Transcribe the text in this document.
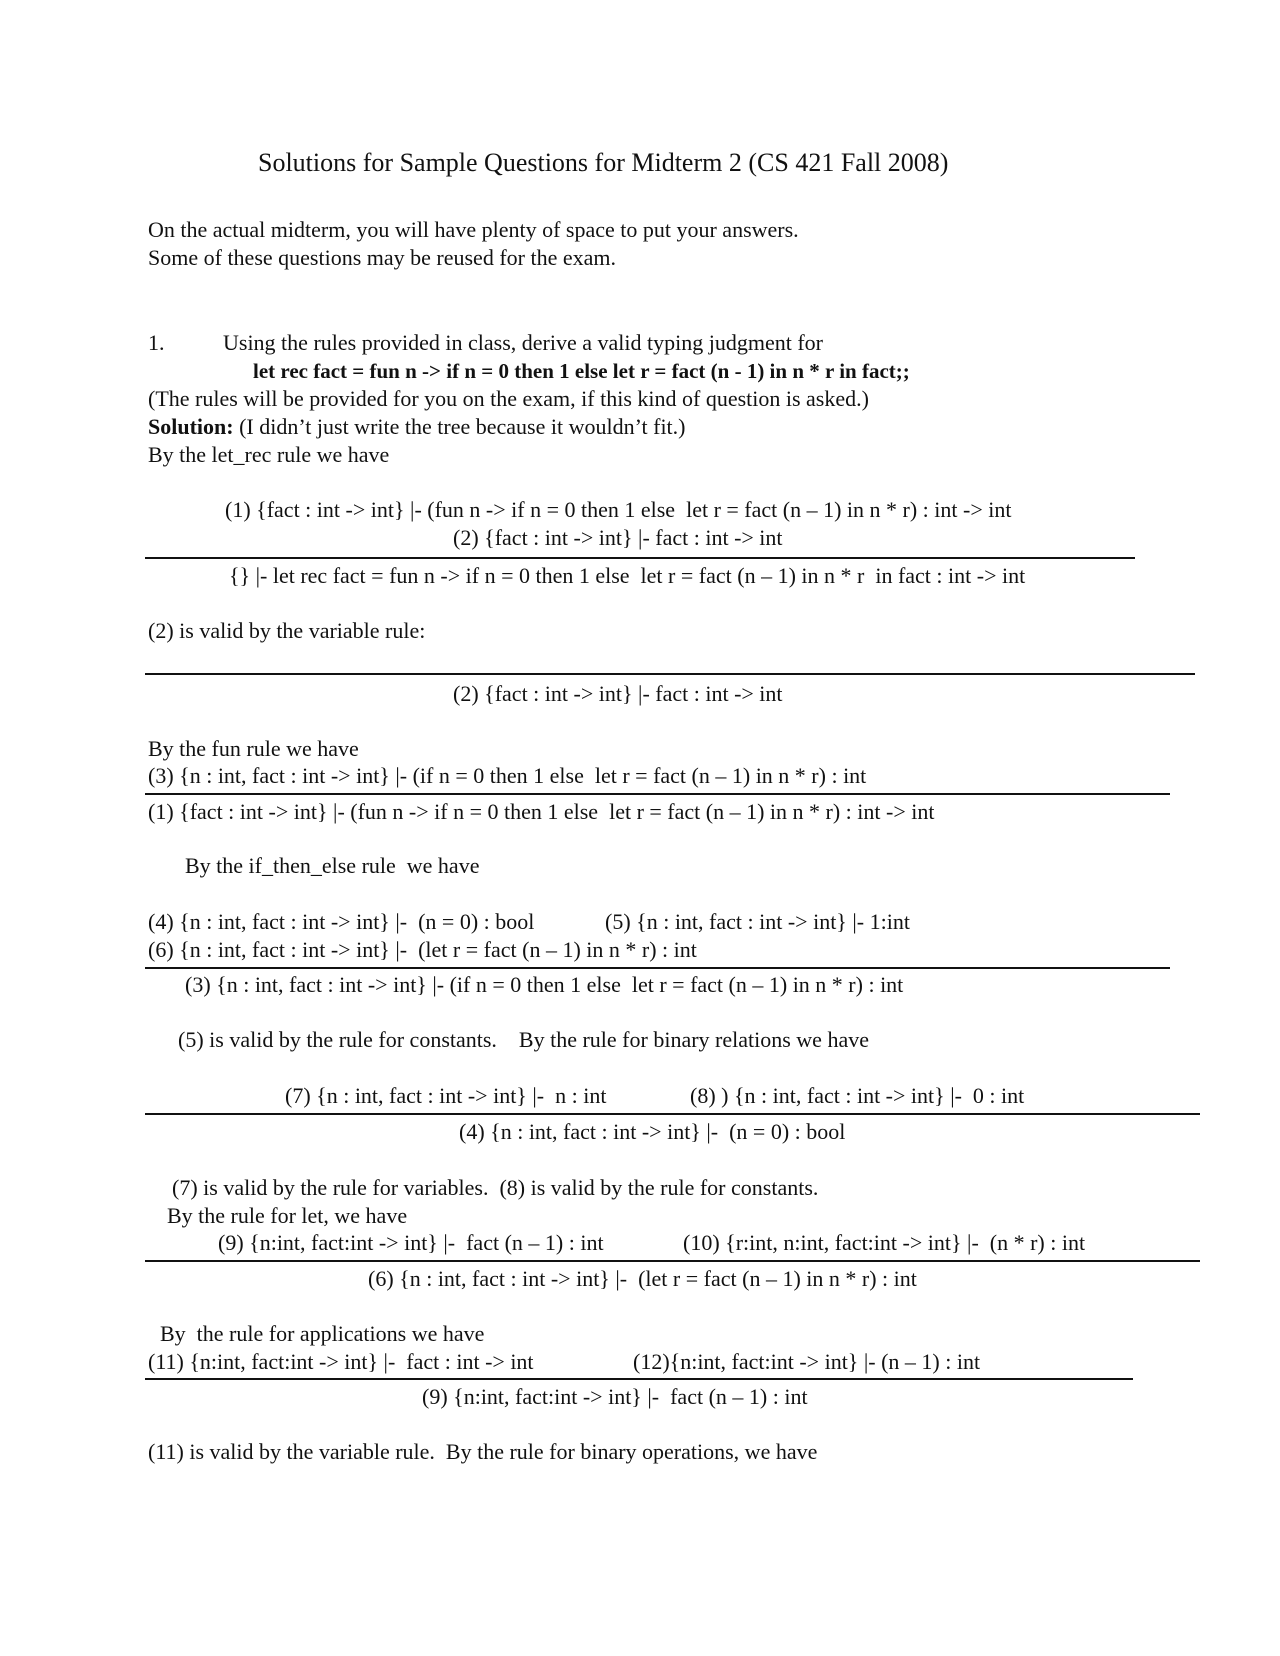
Solutions for Sample Questions for Midterm 2 (CS 421 Fall 2008)
On the actual midterm, you will have plenty of space to put your answers.
Some of these questions may be reused for the exam.
1.	Using the rules provided in class, derive a valid typing judgment for
let rec fact = fun n -> if n = 0 then 1 else let r = fact (n - 1) in n * r in fact;;
(The rules will be provided for you on the exam, if this kind of question is asked.)
Solution: (I didn’t just write the tree because it wouldn’t fit.)
By the let_rec rule we have
(1) {fact : int -> int} |- (fun n -> if n = 0 then 1 else  let r = fact (n – 1) in n * r) : int -> int
(2) {fact : int -> int} |- fact : int -> int
{} |- let rec fact = fun n -> if n = 0 then 1 else  let r = fact (n – 1) in n * r  in fact : int -> int
(2) is valid by the variable rule:
(2) {fact : int -> int} |- fact : int -> int
By the fun rule we have
(3) {n : int, fact : int -> int} |- (if n = 0 then 1 else  let r = fact (n – 1) in n * r) : int
(1) {fact : int -> int} |- (fun n -> if n = 0 then 1 else  let r = fact (n – 1) in n * r) : int -> int
By the if_then_else rule  we have
(4) {n : int, fact : int -> int} |-  (n = 0) : bool	(5) {n : int, fact : int -> int} |- 1:int
(6) {n : int, fact : int -> int} |-  (let r = fact (n – 1) in n * r) : int
(3) {n : int, fact : int -> int} |- (if n = 0 then 1 else  let r = fact (n – 1) in n * r) : int
(5) is valid by the rule for constants.    By the rule for binary relations we have
(7) {n : int, fact : int -> int} |-  n : int	(8) ) {n : int, fact : int -> int} |-  0 : int
(4) {n : int, fact : int -> int} |-  (n = 0) : bool
(7) is valid by the rule for variables.  (8) is valid by the rule for constants.
By the rule for let, we have
(9) {n:int, fact:int -> int} |-  fact (n – 1) : int	(10) {r:int, n:int, fact:int -> int} |-  (n * r) : int
(6) {n : int, fact : int -> int} |-  (let r = fact (n – 1) in n * r) : int
By  the rule for applications we have
(11) {n:int, fact:int -> int} |-  fact : int -> int	(12){n:int, fact:int -> int} |- (n – 1) : int
(9) {n:int, fact:int -> int} |-  fact (n – 1) : int
(11) is valid by the variable rule.  By the rule for binary operations, we have
